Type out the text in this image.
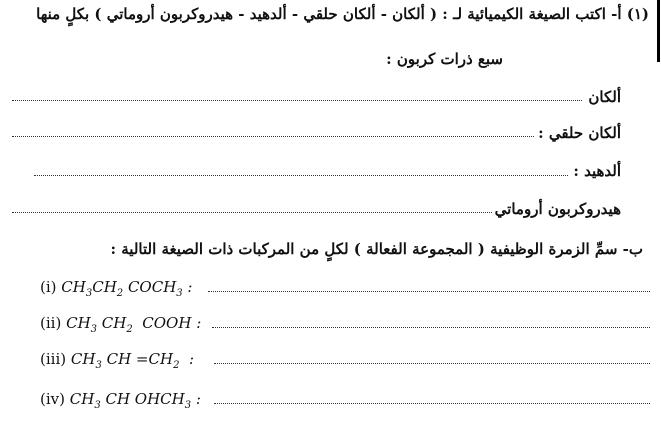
(١) أ- اكتب الصيغة الكيميائية لـ : ( ألكان - ألكان حلقي - ألدهيد - هيدروكربون أروماتي ) بكلٍ منها
سبع ذرات كربون :
ألكان
ألكان حلقي :
ألدهيد :
هيدروكربون أروماتي
ب- سمِّ الزمرة الوظيفية ( المجموعة الفعالة ) لكلٍ من المركبات ذات الصيغة التالية :
(i) $CH_3CH_2$ $COCH_3$ :
(ii) $CH_3$ $CH_2$  COOH :
(iii) $CH_3$ CH $=CH_2$  :
(iv) $CH_3$ CH $OHCH_3$ :
